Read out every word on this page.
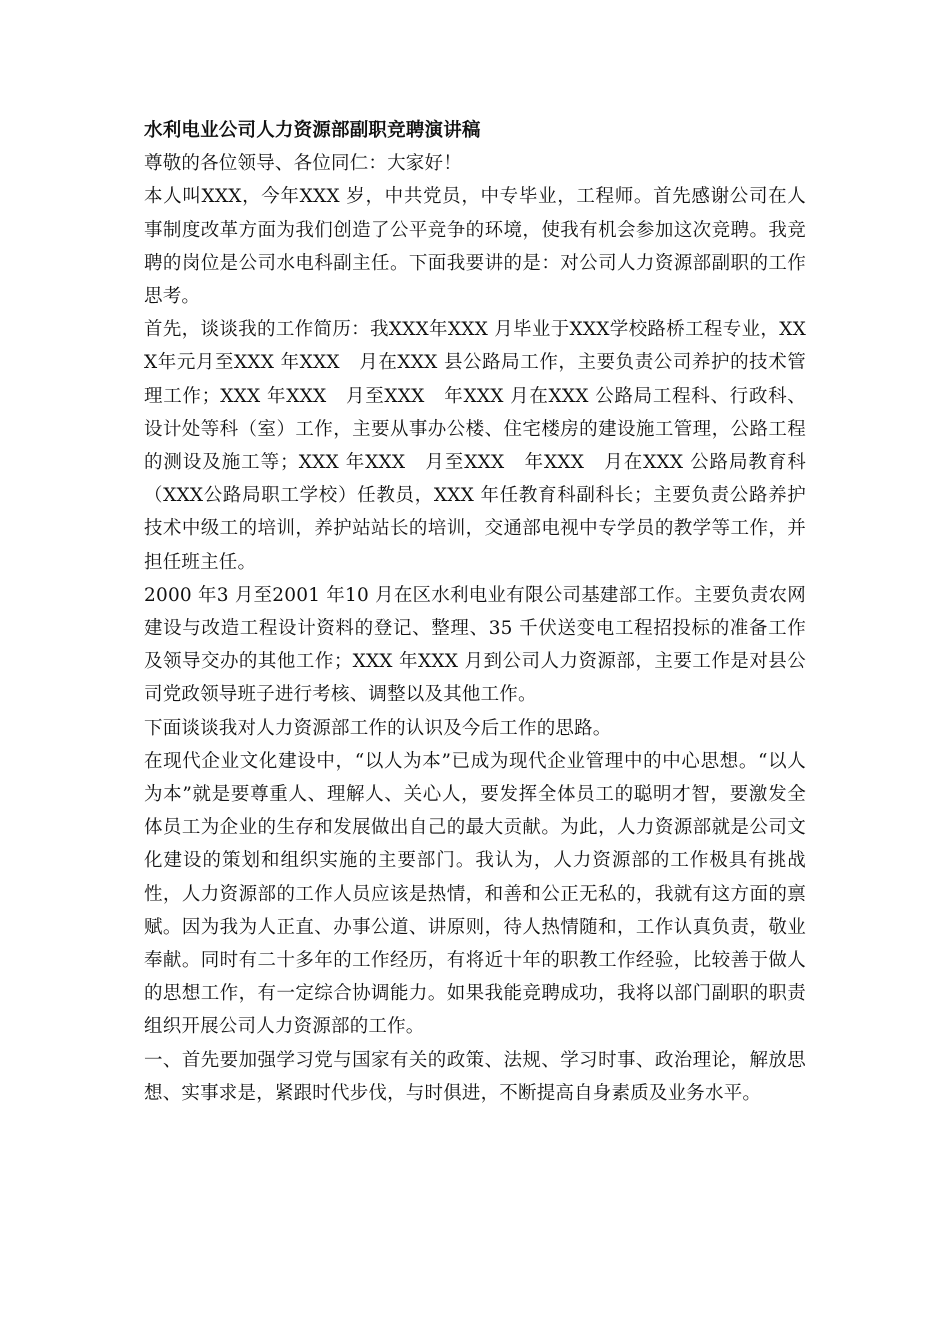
水利电业公司人力资源部副职竞聘演讲稿

尊敬的各位领导、各位同仁：大家好！

本人叫XXX，今年XXX 岁，中共党员，中专毕业，工程师。首先感谢公司在人事制度改革方面为我们创造了公平竞争的环境，使我有机会参加这次竞聘。我竞聘的岗位是公司水电科副主任。下面我要讲的是：对公司人力资源部副职的工作思考。

首先，谈谈我的工作简历：我XXX年XXX 月毕业于XXX学校路桥工程专业，XXX年元月至XXX 年XXX　月在XXX 县公路局工作，主要负责公司养护的技术管理工作；XXX 年XXX　月至XXX　年XXX 月在XXX 公路局工程科、行政科、设计处等科（室）工作，主要从事办公楼、住宅楼房的建设施工管理，公路工程的测设及施工等；XXX 年XXX　月至XXX　年XXX　月在XXX 公路局教育科（XXX公路局职工学校）任教员，XXX 年任教育科副科长；主要负责公路养护技术中级工的培训，养护站站长的培训，交通部电视中专学员的教学等工作，并担任班主任。

2000 年3 月至2001 年10 月在区水利电业有限公司基建部工作。主要负责农网建设与改造工程设计资料的登记、整理、35 千伏送变电工程招投标的准备工作及领导交办的其他工作；XXX 年XXX 月到公司人力资源部，主要工作是对县公司党政领导班子进行考核、调整以及其他工作。

下面谈谈我对人力资源部工作的认识及今后工作的思路。

在现代企业文化建设中，“以人为本”已成为现代企业管理中的中心思想。“以人为本”就是要尊重人、理解人、关心人，要发挥全体员工的聪明才智，要激发全体员工为企业的生存和发展做出自己的最大贡献。为此，人力资源部就是公司文化建设的策划和组织实施的主要部门。我认为，人力资源部的工作极具有挑战性，人力资源部的工作人员应该是热情，和善和公正无私的，我就有这方面的禀赋。因为我为人正直、办事公道、讲原则，待人热情随和，工作认真负责，敬业奉献。同时有二十多年的工作经历，有将近十年的职教工作经验，比较善于做人的思想工作，有一定综合协调能力。如果我能竞聘成功，我将以部门副职的职责组织开展公司人力资源部的工作。

一、首先要加强学习党与国家有关的政策、法规、学习时事、政治理论，解放思想、实事求是，紧跟时代步伐，与时俱进，不断提高自身素质及业务水平。
